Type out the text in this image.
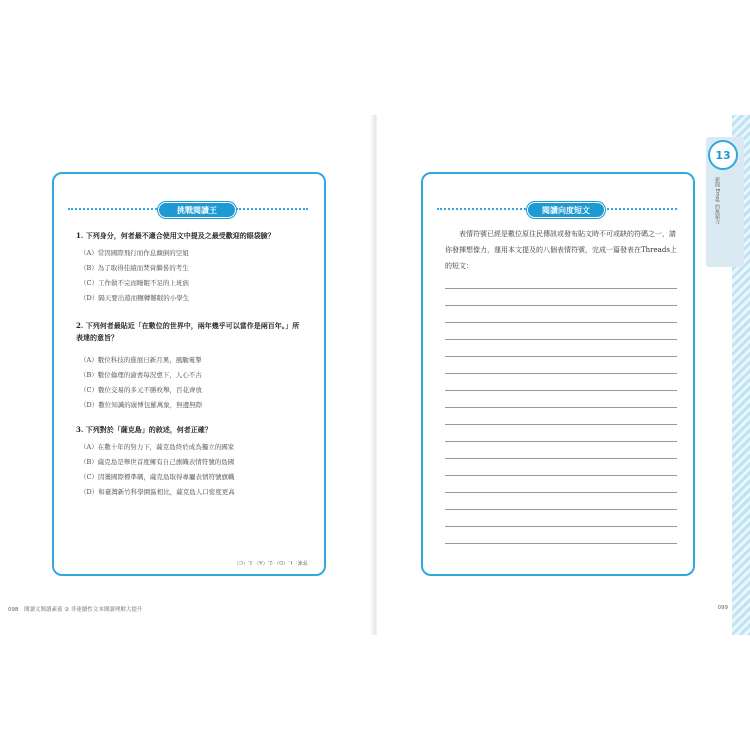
挑戰閱讀王
1. 下列身分，何者最不適合使用文中提及之最受歡迎的眼袋臉？
（A）常因國際飛行而作息顛倒的空姐
（B）為了取得佳績而焚膏繼晷的考生
（C）工作做不完而睡眠不足的上班族
（D）隔天要出遊而輾轉難眠的小學生
2. 下列何者最貼近「在數位的世界中，兩年幾乎可以當作是兩百年。」所表達的意旨？
（A）數位科技的進展日新月異，風馳電掣
（B）數位倫理的淪喪每況愈下，人心不古
（C）數位交易的多元不勝枚舉，百花齊放
（D）數位知識的廣博包羅萬象，無邊無際
3. 下列對於「薩克島」的敘述，何者正確？
（A）在數十年的努力下，薩克島終於成為獨立的國家
（B）薩克島是舉世首度擁有自己旗幟表情符號的島國
（C）因獲國際標準碼，薩克島取得專屬表情符號旗幟
（D）和臺灣新竹科學園區相比，薩克島人口密度更高
答案：1.（D） 2.（A） 3.（C）
098　閱讀文閱讀素養 ② 非連續性文本閱讀理解大提升
閱讀向度短文
表情符號已經是數位原住民傳訊或發布貼文時不可或缺的符碼之一，請你發揮想像力，運用本文提及的八個表情符號，完成一篇發表在Threads上的短文：
13
新聞 Emoji 的無窮力
099
